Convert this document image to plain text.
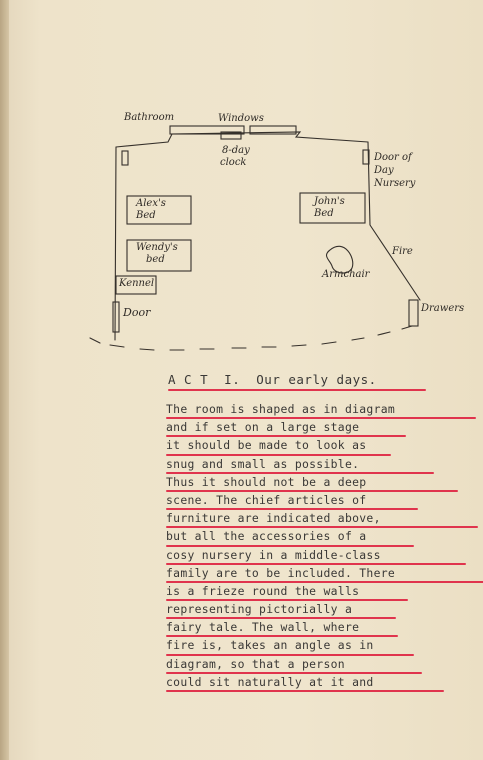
Bathroom	Windows
8-day
clock	Door of
Day
Nursery
Alex's
Bed
John's
Bed
Wendy's
bed
Kennel
Door
Armchair
Fire
Drawers
A C T  I.  Our early days.
The room is shaped as in diagram
and if set on a large stage
it should be made to look as
snug and small as possible.
Thus it should not be a deep
scene. The chief articles of
furniture are indicated above,
but all the accessories of a
cosy nursery in a middle-class
family are to be included. There
is a frieze round the walls
representing pictorially a
fairy tale. The wall, where
fire is, takes an angle as in
diagram, so that a person
could sit naturally at it and
